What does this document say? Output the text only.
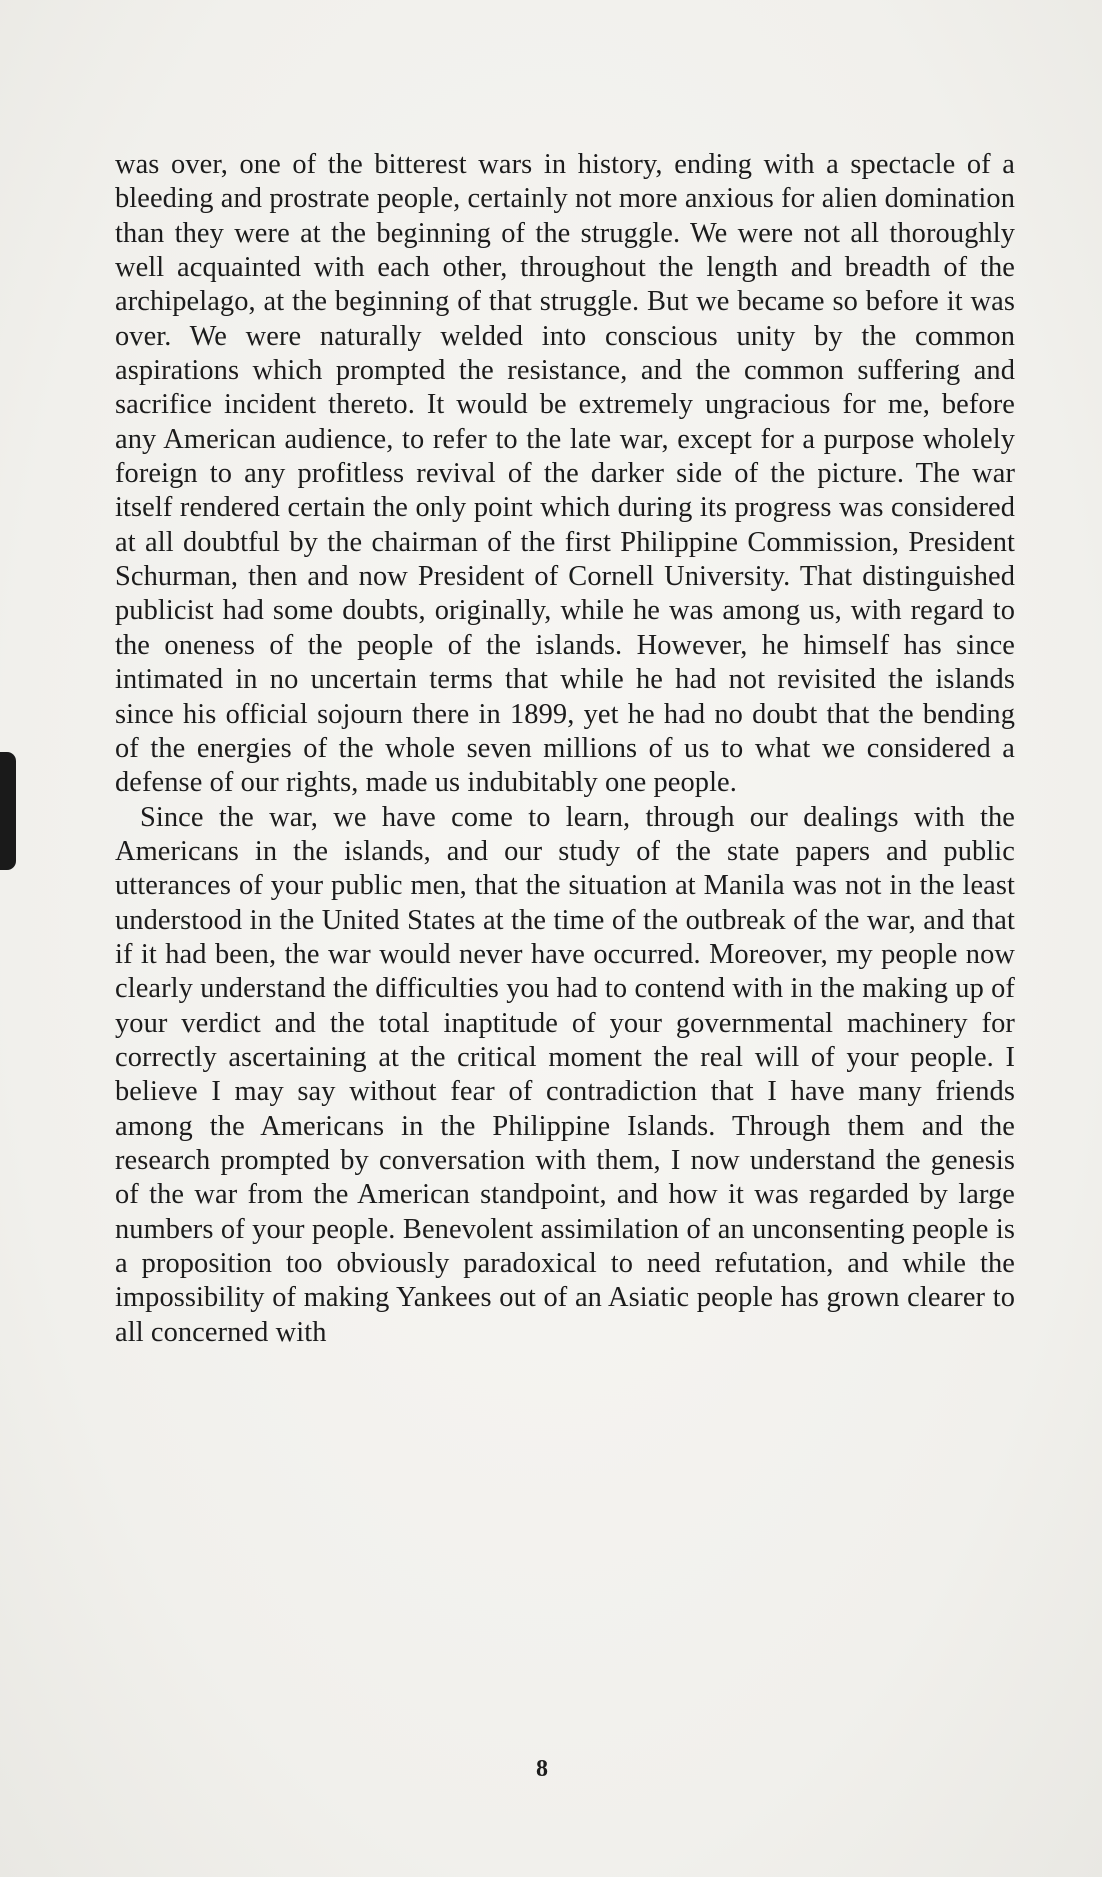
was over, one of the bitterest wars in history, ending with a spectacle of a bleeding and prostrate people, certainly not more anxious for alien domination than they were at the beginning of the struggle. We were not all thoroughly well acquainted with each other, throughout the length and breadth of the archipelago, at the beginning of that struggle. But we became so before it was over. We were naturally welded into conscious unity by the common aspirations which prompted the resistance, and the common suffering and sacrifice incident thereto. It would be extremely ungracious for me, before any American audience, to refer to the late war, except for a purpose wholely foreign to any profitless revival of the darker side of the picture. The war itself rendered certain the only point which during its progress was considered at all doubtful by the chairman of the first Philippine Commission, President Schurman, then and now President of Cornell University. That distinguished publicist had some doubts, originally, while he was among us, with regard to the oneness of the people of the islands. However, he himself has since intimated in no uncertain terms that while he had not revisited the islands since his official sojourn there in 1899, yet he had no doubt that the bending of the energies of the whole seven millions of us to what we considered a defense of our rights, made us indubitably one people.

Since the war, we have come to learn, through our dealings with the Americans in the islands, and our study of the state papers and public utterances of your public men, that the situation at Manila was not in the least understood in the United States at the time of the outbreak of the war, and that if it had been, the war would never have occurred. Moreover, my people now clearly understand the difficulties you had to contend with in the making up of your verdict and the total inaptitude of your governmental machinery for correctly ascertaining at the critical moment the real will of your people. I believe I may say without fear of contradiction that I have many friends among the Americans in the Philippine Islands. Through them and the research prompted by conversation with them, I now understand the genesis of the war from the American standpoint, and how it was regarded by large numbers of your people. Benevolent assimilation of an unconsenting people is a proposition too obviously paradoxical to need refutation, and while the impossibility of making Yankees out of an Asiatic people has grown clearer to all concerned with

8
